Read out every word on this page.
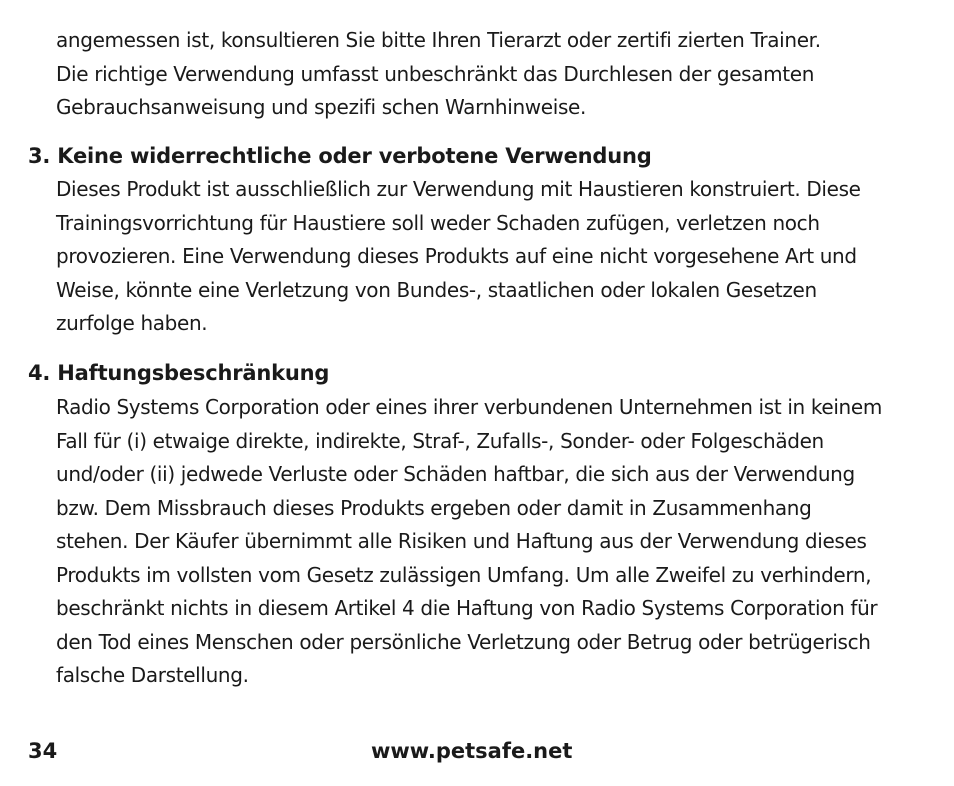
angemessen ist, konsultieren Sie bitte Ihren Tierarzt oder zertifi zierten Trainer.
Die richtige Verwendung umfasst unbeschränkt das Durchlesen der gesamten
Gebrauchsanweisung und spezifi schen Warnhinweise.
3. Keine widerrechtliche oder verbotene Verwendung
Dieses Produkt ist ausschließlich zur Verwendung mit Haustieren konstruiert. Diese
Trainingsvorrichtung für Haustiere soll weder Schaden zufügen, verletzen noch
provozieren. Eine Verwendung dieses Produkts auf eine nicht vorgesehene Art und
Weise, könnte eine Verletzung von Bundes-, staatlichen oder lokalen Gesetzen
zurfolge haben.
4. Haftungsbeschränkung
Radio Systems Corporation oder eines ihrer verbundenen Unternehmen ist in keinem
Fall für (i) etwaige direkte, indirekte, Straf-, Zufalls-, Sonder- oder Folgeschäden
und/oder (ii) jedwede Verluste oder Schäden haftbar, die sich aus der Verwendung
bzw. Dem Missbrauch dieses Produkts ergeben oder damit in Zusammenhang
stehen. Der Käufer übernimmt alle Risiken und Haftung aus der Verwendung dieses
Produkts im vollsten vom Gesetz zulässigen Umfang. Um alle Zweifel zu verhindern,
beschränkt nichts in diesem Artikel 4 die Haftung von Radio Systems Corporation für
den Tod eines Menschen oder persönliche Verletzung oder Betrug oder betrügerisch
falsche Darstellung.
34	www.petsafe.net
